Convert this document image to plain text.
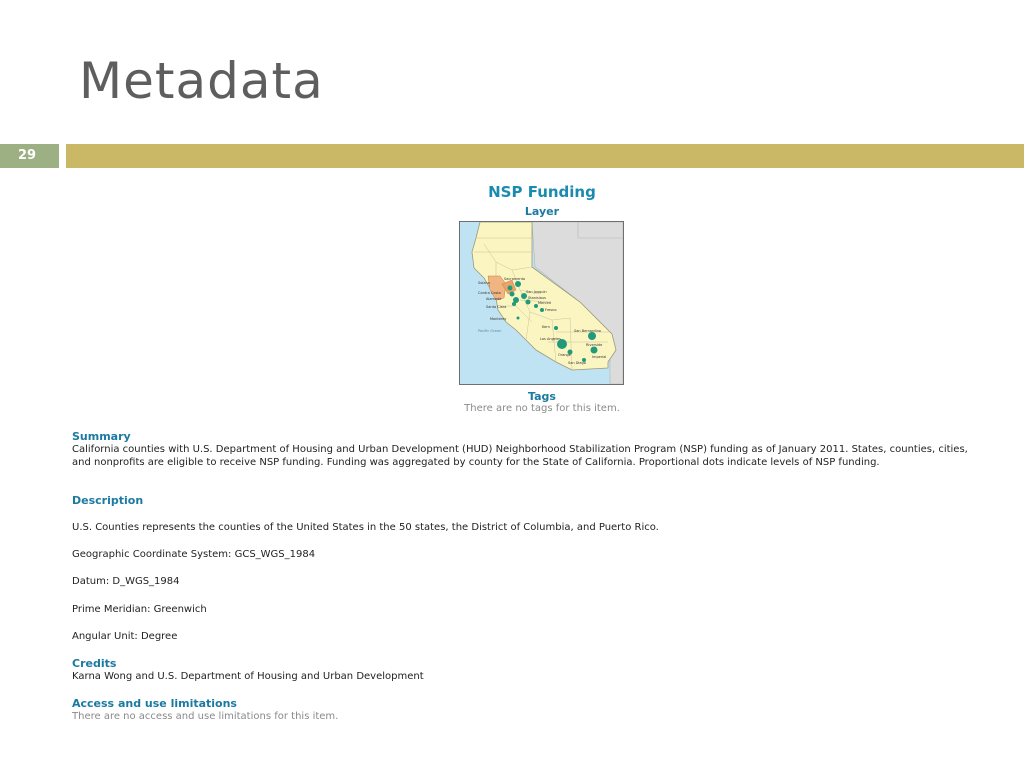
Metadata
29
NSP Funding
Layer
Sacramento
Solano
Contra Costa
Alameda
San Joaquin
Stanislaus
Merced
Santa Clara
Fresno
Monterey
Kern
San Bernardino
Los Angeles
Riverside
Orange	Imperial
San Diego
Pacific Ocean
Tags
There are no tags for this item.
Summary
California counties with U.S. Department of Housing and Urban Development (HUD) Neighborhood Stabilization Program (NSP) funding as of January 2011. States, counties, cities,
and nonprofits are eligible to receive NSP funding. Funding was aggregated by county for the State of California. Proportional dots indicate levels of NSP funding.
Description
U.S. Counties represents the counties of the United States in the 50 states, the District of Columbia, and Puerto Rico.
Geographic Coordinate System: GCS_WGS_1984
Datum: D_WGS_1984
Prime Meridian: Greenwich
Angular Unit: Degree
Credits
Karna Wong and U.S. Department of Housing and Urban Development
Access and use limitations
There are no access and use limitations for this item.
